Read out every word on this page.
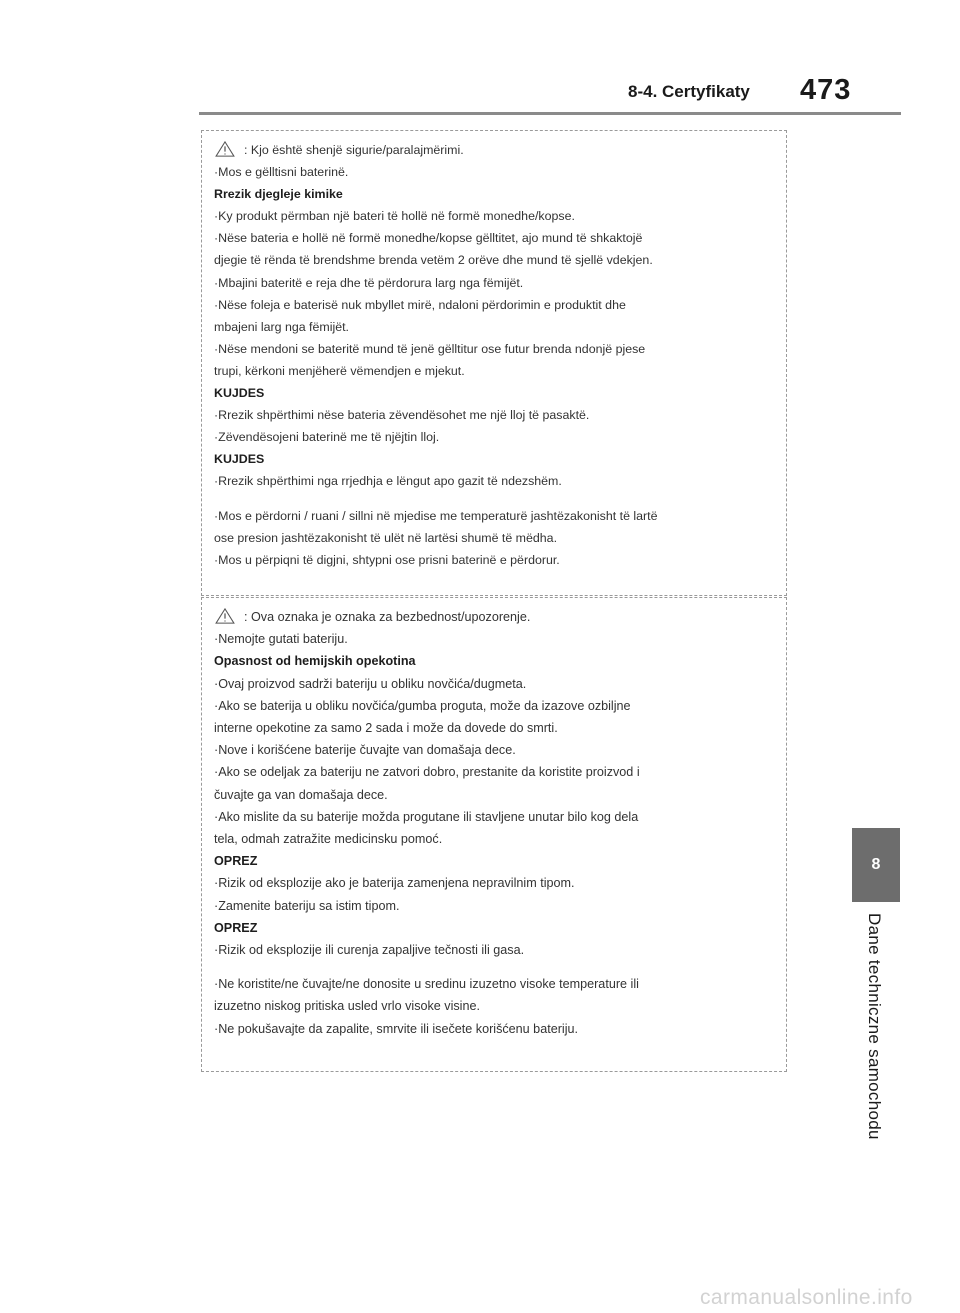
8-4. Certyfikaty 473
: Kjo është shenjë sigurie/paralajmërimi.
·Mos e gëlltisni baterinë.
Rrezik djegleje kimike
·Ky produkt përmban një bateri të hollë në formë monedhe/kopse.
·Nëse bateria e hollë në formë monedhe/kopse gëlltitet, ajo mund të shkaktojë
djegie të rënda të brendshme brenda vetëm 2 orëve dhe mund të sjellë vdekjen.
·Mbajini bateritë e reja dhe të përdorura larg nga fëmijët.
·Nëse foleja e baterisë nuk mbyllet mirë, ndaloni përdorimin e produktit dhe
mbajeni larg nga fëmijët.
·Nëse mendoni se bateritë mund të jenë gëlltitur ose futur brenda ndonjë pjese
trupi, kërkoni menjëherë vëmendjen e mjekut.
KUJDES
·Rrezik shpërthimi nëse bateria zëvendësohet me një lloj të pasaktë.
·Zëvendësojeni baterinë me të njëjtin lloj.
KUJDES
·Rrezik shpërthimi nga rrjedhja e lëngut apo gazit të ndezshëm.
·Mos e përdorni / ruani / sillni në mjedise me temperaturë jashtëzakonisht të lartë
ose presion jashtëzakonisht të ulët në lartësi shumë të mëdha.
·Mos u përpiqni të digjni, shtypni ose prisni baterinë e përdorur.
: Ova oznaka je oznaka za bezbednost/upozorenje.
·Nemojte gutati bateriju.
Opasnost od hemijskih opekotina
·Ovaj proizvod sadrži bateriju u obliku novčića/dugmeta.
·Ako se baterija u obliku novčića/gumba proguta, može da izazove ozbiljne
interne opekotine za samo 2 sada i može da dovede do smrti.
·Nove i korišćene baterije čuvajte van domašaja dece.
·Ako se odeljak za bateriju ne zatvori dobro, prestanite da koristite proizvod i
čuvajte ga van domašaja dece.
·Ako mislite da su baterije možda progutane ili stavljene unutar bilo kog dela
tela, odmah zatražite medicinsku pomoć.
OPREZ
·Rizik od eksplozije ako je baterija zamenjena nepravilnim tipom.
·Zamenite bateriju sa istim tipom.
OPREZ
·Rizik od eksplozije ili curenja zapaljive tečnosti ili gasa.
·Ne koristite/ne čuvajte/ne donosite u sredinu izuzetno visoke temperature ili
izuzetno niskog pritiska usled vrlo visoke visine.
·Ne pokušavajte da zapalite, smrvite ili isečete korišćenu bateriju.
8
Dane techniczne samochodu
carmanualsonline.info
